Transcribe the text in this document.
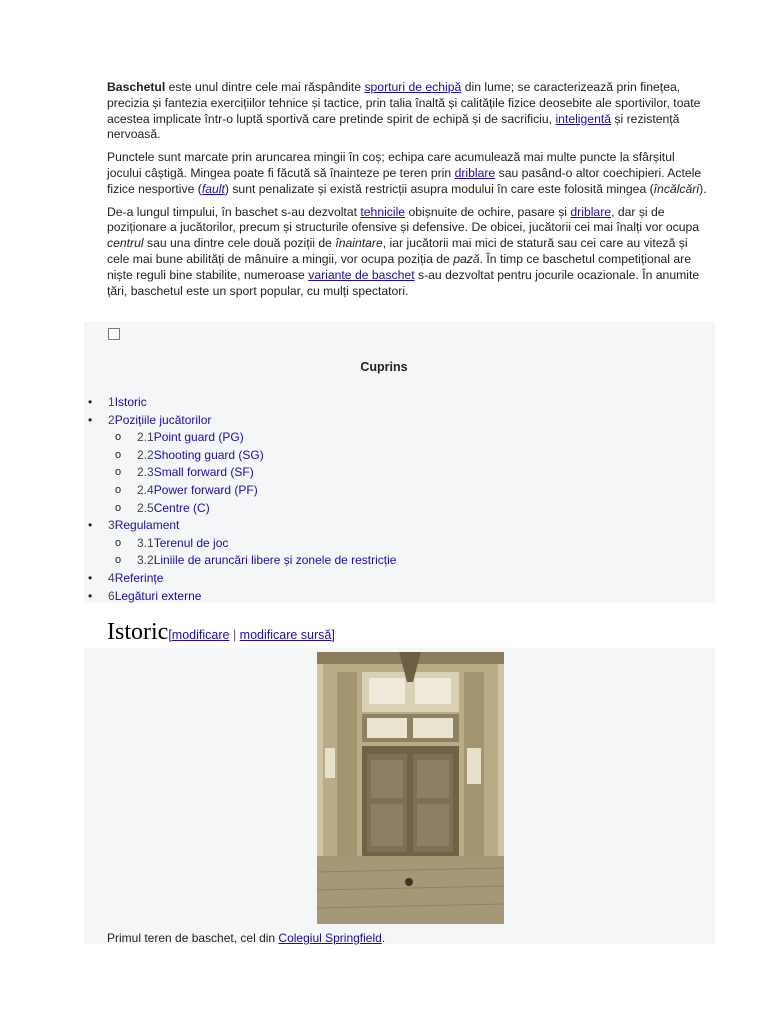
Baschetul este unul dintre cele mai răspândite sporturi de echipă din lume; se caracterizează prin finețea, precizia și fantezia exercițiilor tehnice și tactice, prin talia înaltă și calitățile fizice deosebite ale sportivilor, toate acestea implicate într-o luptă sportivă care pretinde spirit de echipă și de sacrificiu, inteligentă și rezistență nervoasă.

Punctele sunt marcate prin aruncarea mingii în coș; echipa care acumulează mai multe puncte la sfârșitul jocului câștigă. Mingea poate fi făcută să înainteze pe teren prin driblare sau pasând-o altor coechipieri. Actele fizice nesportive (fault) sunt penalizate și există restricții asupra modului în care este folosită mingea (încălcări).

De-a lungul timpului, în baschet s-au dezvoltat tehnicile obișnuite de ochire, pasare și driblare, dar și de poziționare a jucătorilor, precum și structurile ofensive și defensive. De obicei, jucătorii cei mai înalți vor ocupa centrul sau una dintre cele două poziții de înaintare, iar jucătorii mai mici de statură sau cei care au viteză și cele mai bune abilități de mânuire a mingii, vor ocupa poziția de pază. În timp ce baschetul competițional are niște reguli bine stabilite, numeroase variante de baschet s-au dezvoltat pentru jocurile ocazionale. În anumite țări, baschetul este un sport popular, cu mulți spectatori.

Cuprins
• 1Istoric
• 2Pozițiile jucătorilor
o 2.1Point guard (PG)
o 2.2Shooting guard (SG)
o 2.3Small forward (SF)
o 2.4Power forward (PF)
o 2.5Centre (C)
• 3Regulament
o 3.1Terenul de joc
o 3.2Liniile de aruncări libere și zonele de restricție
• 4Referințe
• 6Legături externe
Istoric[modificare | modificare sursă]
Primul teren de baschet, cel din Colegiul Springfield.
